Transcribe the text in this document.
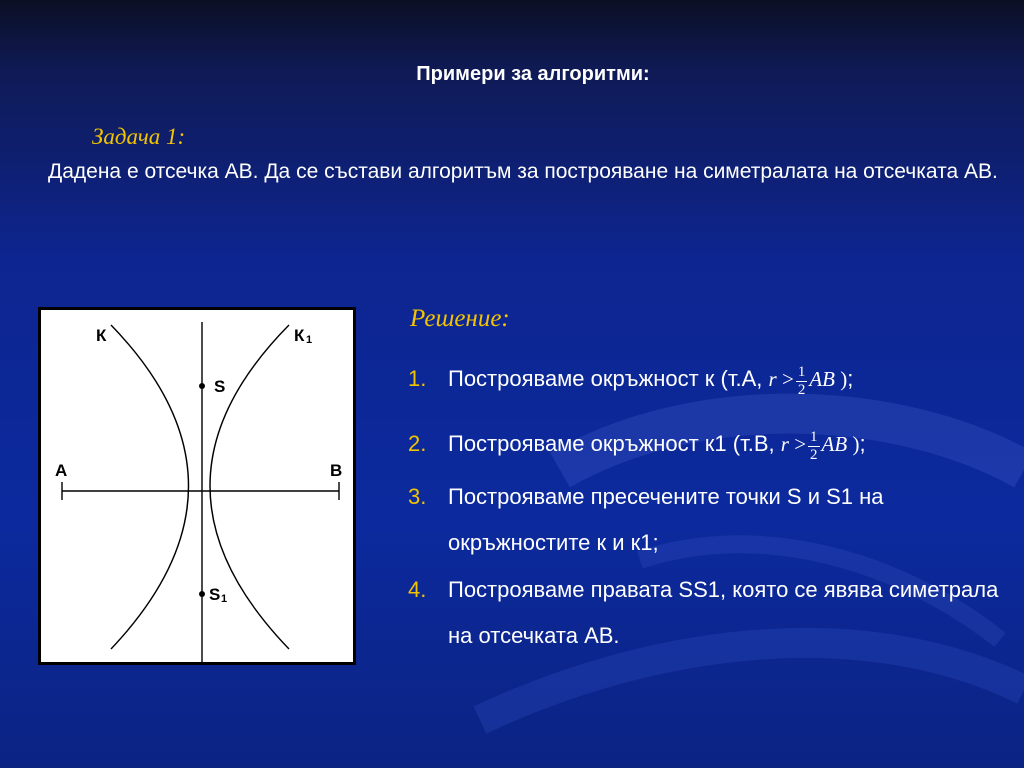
Примери за алгоритми:
Задача 1:
Дадена е отсечка АВ. Да се състави алгоритъм за построяване на симетралата на отсечката АВ.
К	К 1
S
S 1
А	В
Решение:
1. Построяваме окръжност к (т.А, $r > \frac{1}{2}$ AB );
2. Построяваме окръжност к1 (т.В, $r > \frac{1}{2}$ AB );
3. Построяваме пресечените точки S и S1 на окръжностите к и к1;
4. Построяваме правата SS1, която се явява симетрала на отсечката АВ.
